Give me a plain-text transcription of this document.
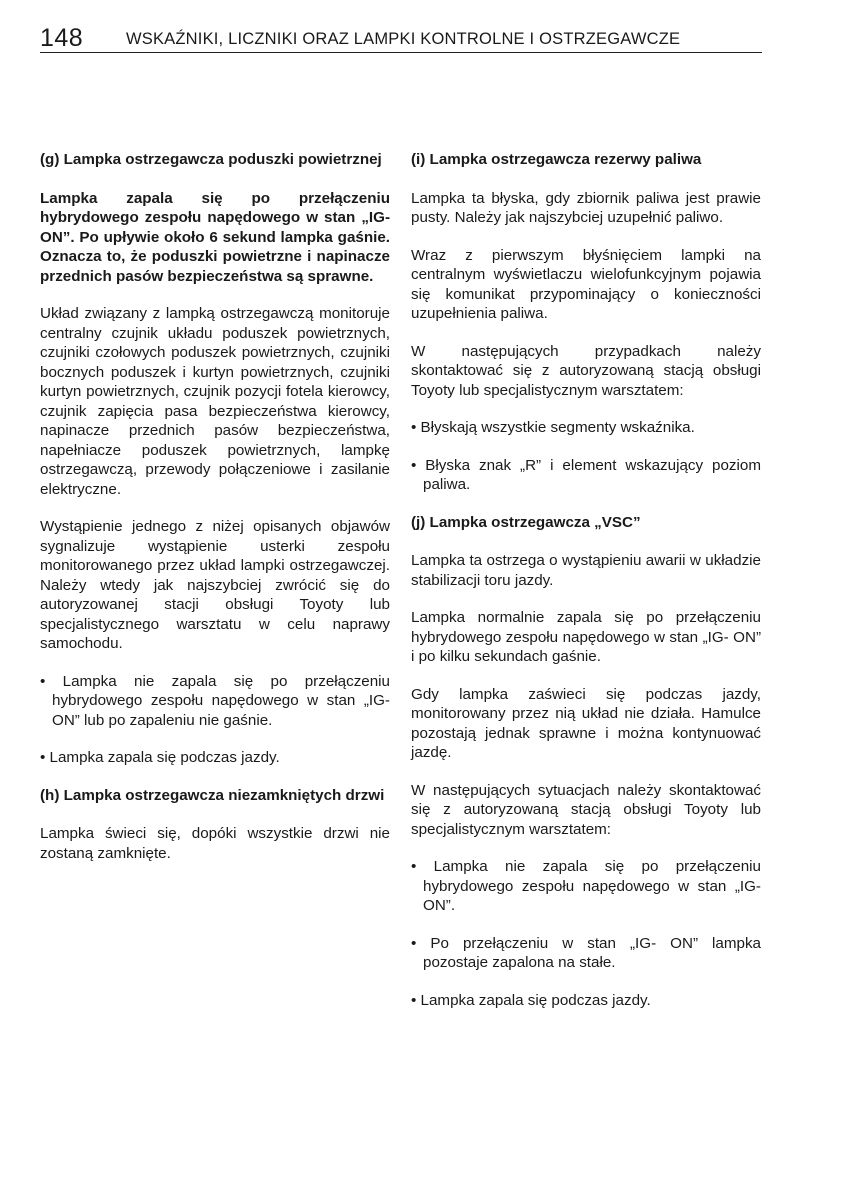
148	WSKAŹNIKI, LICZNIKI ORAZ LAMPKI KONTROLNE I OSTRZEGAWCZE

(g) Lampka ostrzegawcza poduszki powietrznej

Lampka zapala się po przełączeniu hybrydowego zespołu napędowego w stan „IG- ON”. Po upływie około 6 sekund lampka gaśnie. Oznacza to, że poduszki powietrzne i napinacze przednich pasów bezpieczeństwa są sprawne.

Układ związany z lampką ostrzegawczą monitoruje centralny czujnik układu poduszek powietrznych, czujniki czołowych poduszek powietrznych, czujniki bocznych poduszek i kurtyn powietrznych, czujniki kurtyn powietrznych, czujnik pozycji fotela kierowcy, czujnik zapięcia pasa bezpieczeństwa kierowcy, napinacze przednich pasów bezpieczeństwa, napełniacze poduszek powietrznych, lampkę ostrzegawczą, przewody połączeniowe i zasilanie elektryczne.

Wystąpienie jednego z niżej opisanych objawów sygnalizuje wystąpienie usterki zespołu monitorowanego przez układ lampki ostrzegawczej. Należy wtedy jak najszybciej zwrócić się do autoryzowanej stacji obsługi Toyoty lub specjalistycznego warsztatu w celu naprawy samochodu.

• Lampka nie zapala się po przełączeniu hybrydowego zespołu napędowego w stan „IG- ON” lub po zapaleniu nie gaśnie.

• Lampka zapala się podczas jazdy.

(h) Lampka ostrzegawcza niezamkniętych drzwi

Lampka świeci się, dopóki wszystkie drzwi nie zostaną zamknięte.

(i) Lampka ostrzegawcza rezerwy paliwa

Lampka ta błyska, gdy zbiornik paliwa jest prawie pusty. Należy jak najszybciej uzupełnić paliwo.

Wraz z pierwszym błyśnięciem lampki na centralnym wyświetlaczu wielofunkcyjnym pojawia się komunikat przypominający o konieczności uzupełnienia paliwa.

W następujących przypadkach należy skontaktować się z autoryzowaną stacją obsługi Toyoty lub specjalistycznym warsztatem:

• Błyskają wszystkie segmenty wskaźnika.

• Błyska znak „R” i element wskazujący poziom paliwa.

(j) Lampka ostrzegawcza „VSC”

Lampka ta ostrzega o wystąpieniu awarii w układzie stabilizacji toru jazdy.

Lampka normalnie zapala się po przełączeniu hybrydowego zespołu napędowego w stan „IG- ON” i po kilku sekundach gaśnie.

Gdy lampka zaświeci się podczas jazdy, monitorowany przez nią układ nie działa. Hamulce pozostają jednak sprawne i można kontynuować jazdę.

W następujących sytuacjach należy skontaktować się z autoryzowaną stacją obsługi Toyoty lub specjalistycznym warsztatem:

• Lampka nie zapala się po przełączeniu hybrydowego zespołu napędowego w stan „IG- ON”.

• Po przełączeniu w stan „IG- ON” lampka pozostaje zapalona na stałe.

• Lampka zapala się podczas jazdy.
